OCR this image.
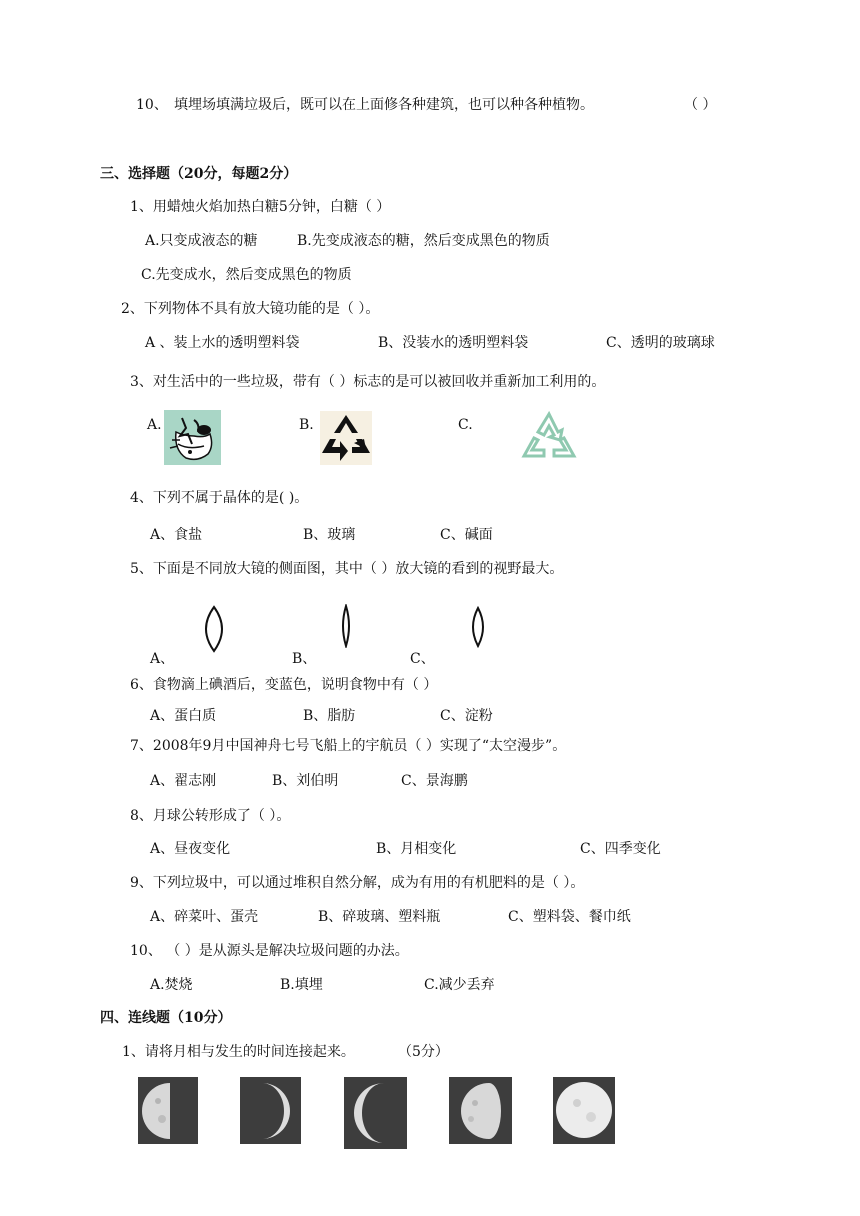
10、 填埋场填满垃圾后，既可以在上面修各种建筑，也可以种各种植物。	（ ）
三、选择题（20分，每题2分）
1、用蜡烛火焰加热白糖5分钟，白糖（ ）
A.只变成液态的糖	B.先变成液态的糖，然后变成黑色的物质
C.先变成水，然后变成黑色的物质
2、下列物体不具有放大镜功能的是（ ）。
A 、装上水的透明塑料袋	B、没装水的透明塑料袋	C、透明的玻璃球
3、对生活中的一些垃圾，带有（ ）标志的是可以被回收并重新加工利用的。
A.	B.	C.
4、下列不属于晶体的是( )。
A、食盐	B、玻璃	C、碱面
5、下面是不同放大镜的侧面图，其中（ ）放大镜的看到的视野最大。
A、	B、	C、
6、食物滴上碘酒后，变蓝色，说明食物中有（ ）
A、蛋白质	B、脂肪	C、淀粉
7、2008年9月中国神舟七号飞船上的宇航员（ ）实现了“太空漫步”。
A、翟志刚	B、刘伯明	C、景海鹏
8、月球公转形成了（ ）。
A、昼夜变化	B、月相变化	C、四季变化
9、下列垃圾中，可以通过堆积自然分解，成为有用的有机肥料的是（ ）。
A、碎菜叶、蛋壳	B、碎玻璃、塑料瓶	C、塑料袋、餐巾纸
10、 （ ）是从源头是解决垃圾问题的办法。
A.焚烧	B.填埋	C.减少丢弃
四、连线题（10分）
1、请将月相与发生的时间连接起来。	（5分）
